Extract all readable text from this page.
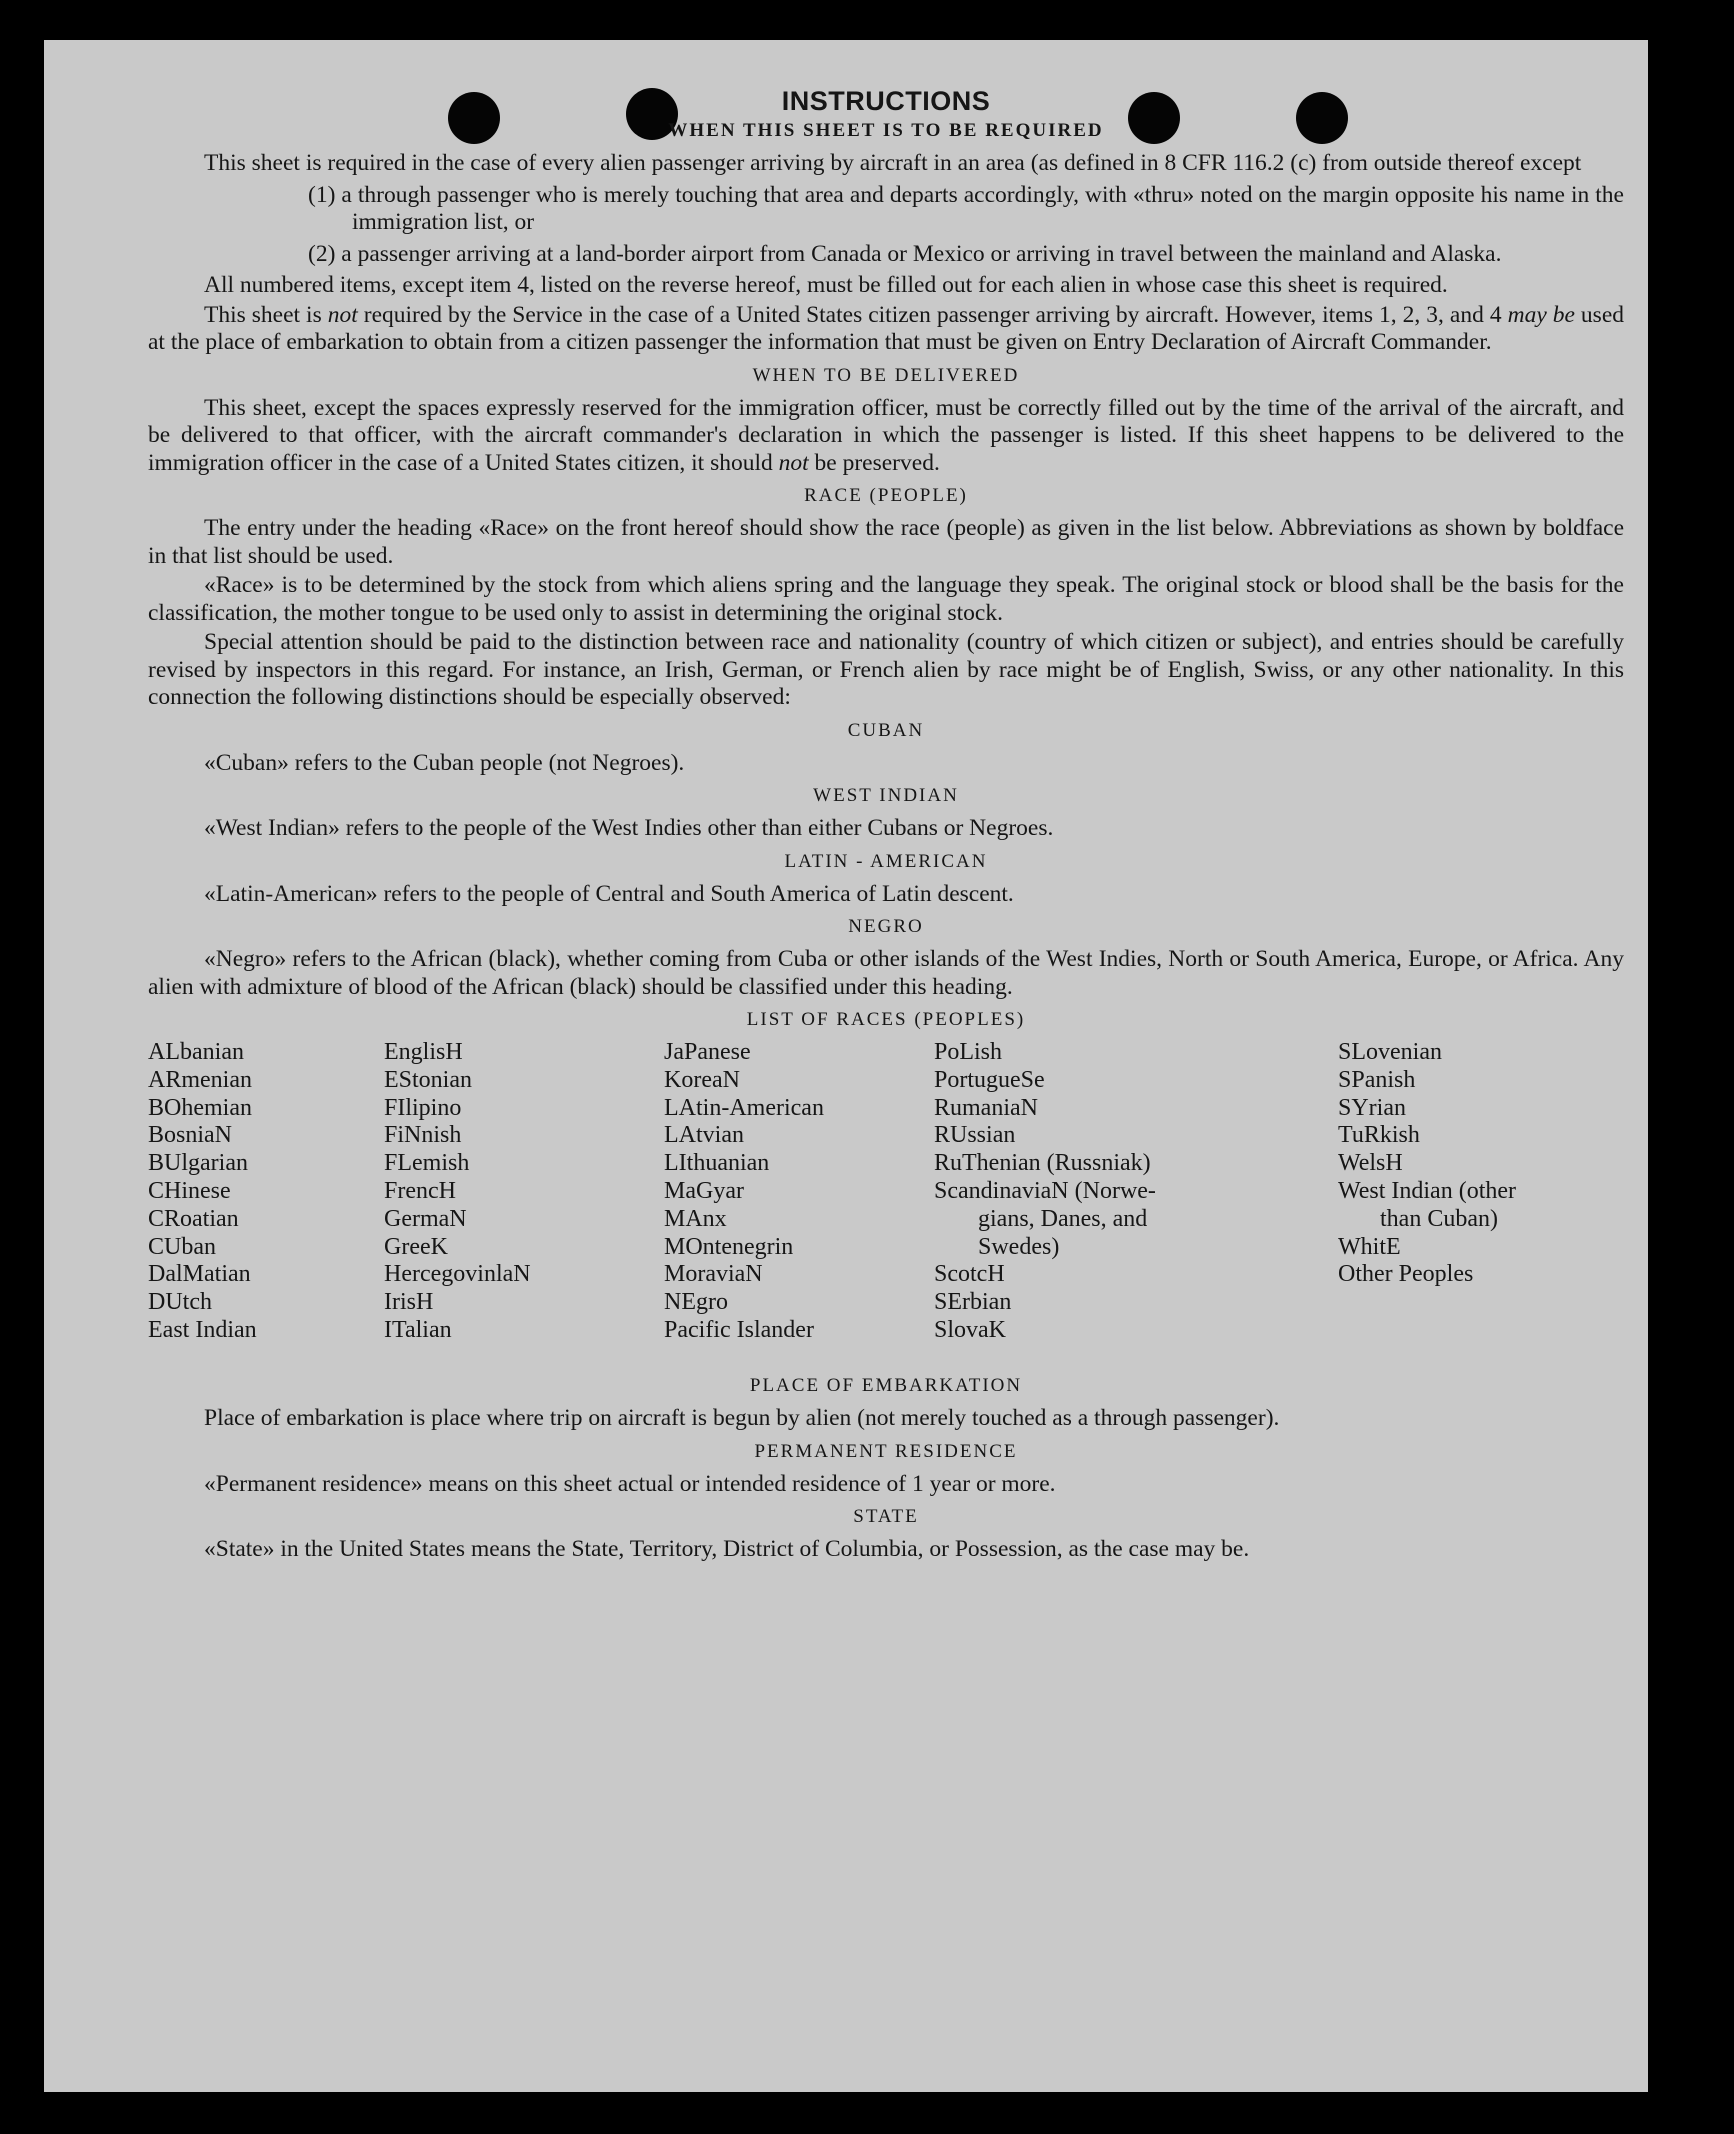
INSTRUCTIONS
WHEN THIS SHEET IS TO BE REQUIRED

This sheet is required in the case of every alien passenger arriving by aircraft in an area (as defined in 8 CFR 116.2 (c) from outside thereof except

(1) a through passenger who is merely touching that area and departs accordingly, with «thru» noted on the margin opposite his name in the immigration list, or
(2) a passenger arriving at a land-border airport from Canada or Mexico or arriving in travel between the mainland and Alaska.

All numbered items, except item 4, listed on the reverse hereof, must be filled out for each alien in whose case this sheet is required.

This sheet is not required by the Service in the case of a United States citizen passenger arriving by aircraft. However, items 1, 2, 3, and 4 may be used at the place of embarkation to obtain from a citizen passenger the information that must be given on Entry Declaration of Aircraft Commander.

WHEN TO BE DELIVERED

This sheet, except the spaces expressly reserved for the immigration officer, must be correctly filled out by the time of the arrival of the aircraft, and be delivered to that officer, with the aircraft commander's declaration in which the passenger is listed. If this sheet happens to be delivered to the immigration officer in the case of a United States citizen, it should not be preserved.

RACE (PEOPLE)

The entry under the heading «Race» on the front hereof should show the race (people) as given in the list below. Abbreviations as shown by boldface in that list should be used.

«Race» is to be determined by the stock from which aliens spring and the language they speak. The original stock or blood shall be the basis for the classification, the mother tongue to be used only to assist in determining the original stock.

Special attention should be paid to the distinction between race and nationality (country of which citizen or subject), and entries should be carefully revised by inspectors in this regard. For instance, an Irish, German, or French alien by race might be of English, Swiss, or any other nationality. In this connection the following distinctions should be especially observed:

CUBAN

«Cuban» refers to the Cuban people (not Negroes).

WEST INDIAN

«West Indian» refers to the people of the West Indies other than either Cubans or Negroes.

LATIN - AMERICAN

«Latin-American» refers to the people of Central and South America of Latin descent.

NEGRO

«Negro» refers to the African (black), whether coming from Cuba or other islands of the West Indies, North or South America, Europe, or Africa. Any alien with admixture of blood of the African (black) should be classified under this heading.

LIST OF RACES (PEOPLES)
ALbanian
ARmenian
BOhemian
BosniaN
BUlgarian
CHinese
CRoatian
CUban
DalMatian
DUtch
East Indian
EnglisH
EStonian
FIlipino
FiNnish
FLemish
FrencH
GermaN
GreeK
HercegovinlaN
IrisH
ITalian
JaPanese
KoreaN
LAtin-American
LAtvian
LIthuanian
MaGyar
MAnx
MOntenegrin
MoraviaN
NEgro
Pacific Islander
PoLish
PortugueSe
RumaniaN
RUssian
RuThenian (Russniak)
ScandinaviaN (Norwe-
gians, Danes, and
Swedes)
ScotcH
SErbian
SlovaK
SLovenian
SPanish
SYrian
TuRkish
WelsH
West Indian (other
than Cuban)
WhitE
Other Peoples
PLACE OF EMBARKATION

Place of embarkation is place where trip on aircraft is begun by alien (not merely touched as a through passenger).

PERMANENT RESIDENCE

«Permanent residence» means on this sheet actual or intended residence of 1 year or more.

STATE

«State» in the United States means the State, Territory, District of Columbia, or Possession, as the case may be.
